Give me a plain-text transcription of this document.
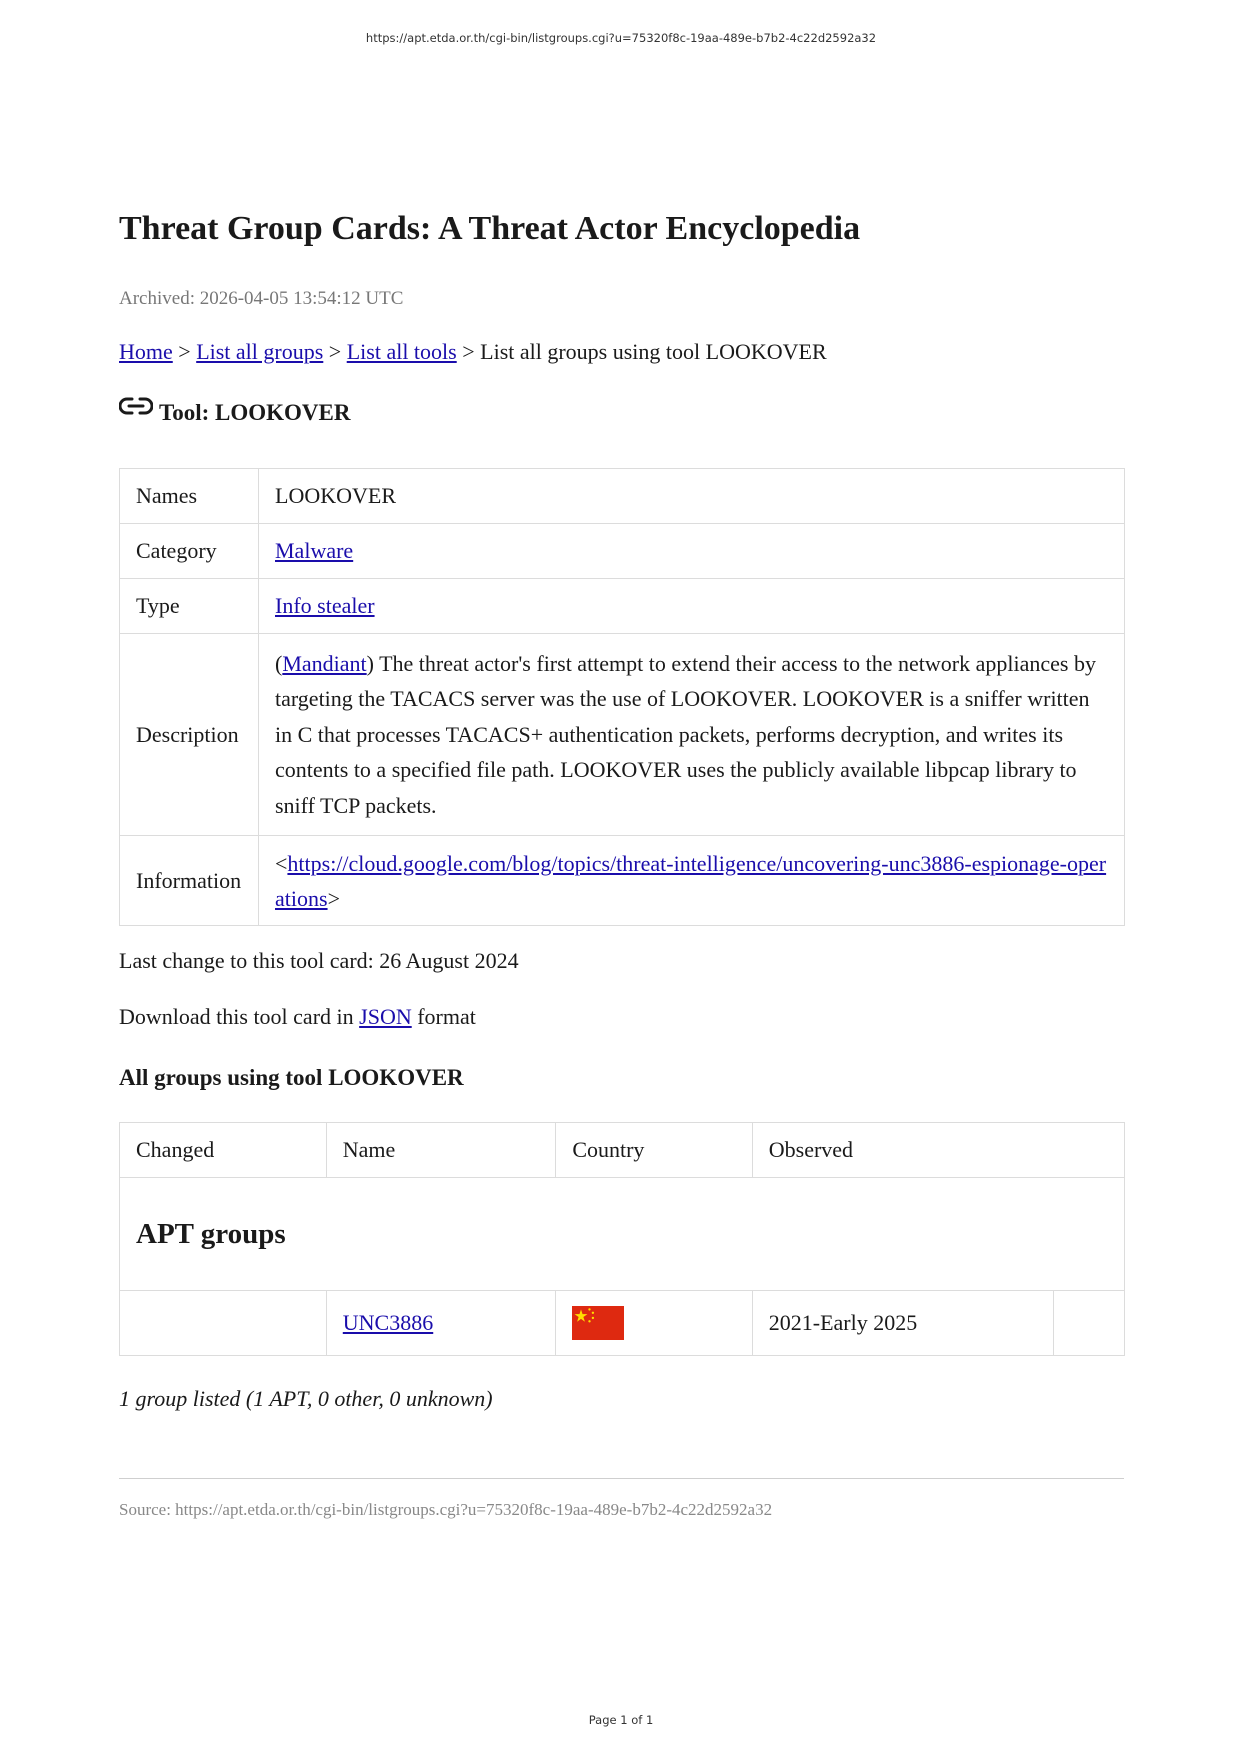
https://apt.etda.or.th/cgi-bin/listgroups.cgi?u=75320f8c-19aa-489e-b7b2-4c22d2592a32
Threat Group Cards: A Threat Actor Encyclopedia
Archived: 2026-04-05 13:54:12 UTC
Home > List all groups > List all tools > List all groups using tool LOOKOVER
Tool: LOOKOVER
Names	LOOKOVER
Category	Malware
Type	Info stealer
Description	(Mandiant) The threat actor's first attempt to extend their access to the network appliances by targeting the TACACS server was the use of LOOKOVER. LOOKOVER is a sniffer written in C that processes TACACS+ authentication packets, performs decryption, and writes its contents to a specified file path. LOOKOVER uses the publicly available libpcap library to sniff TCP packets.
Information	<https://cloud.google.com/blog/topics/threat-intelligence/uncovering-unc3886-espionage-operations>
Last change to this tool card: 26 August 2024
Download this tool card in JSON format
All groups using tool LOOKOVER
Changed	Name	Country	Observed	
APT groups				
	UNC3886		2021-Early 2025	
1 group listed (1 APT, 0 other, 0 unknown)
Source: https://apt.etda.or.th/cgi-bin/listgroups.cgi?u=75320f8c-19aa-489e-b7b2-4c22d2592a32
Page 1 of 1
